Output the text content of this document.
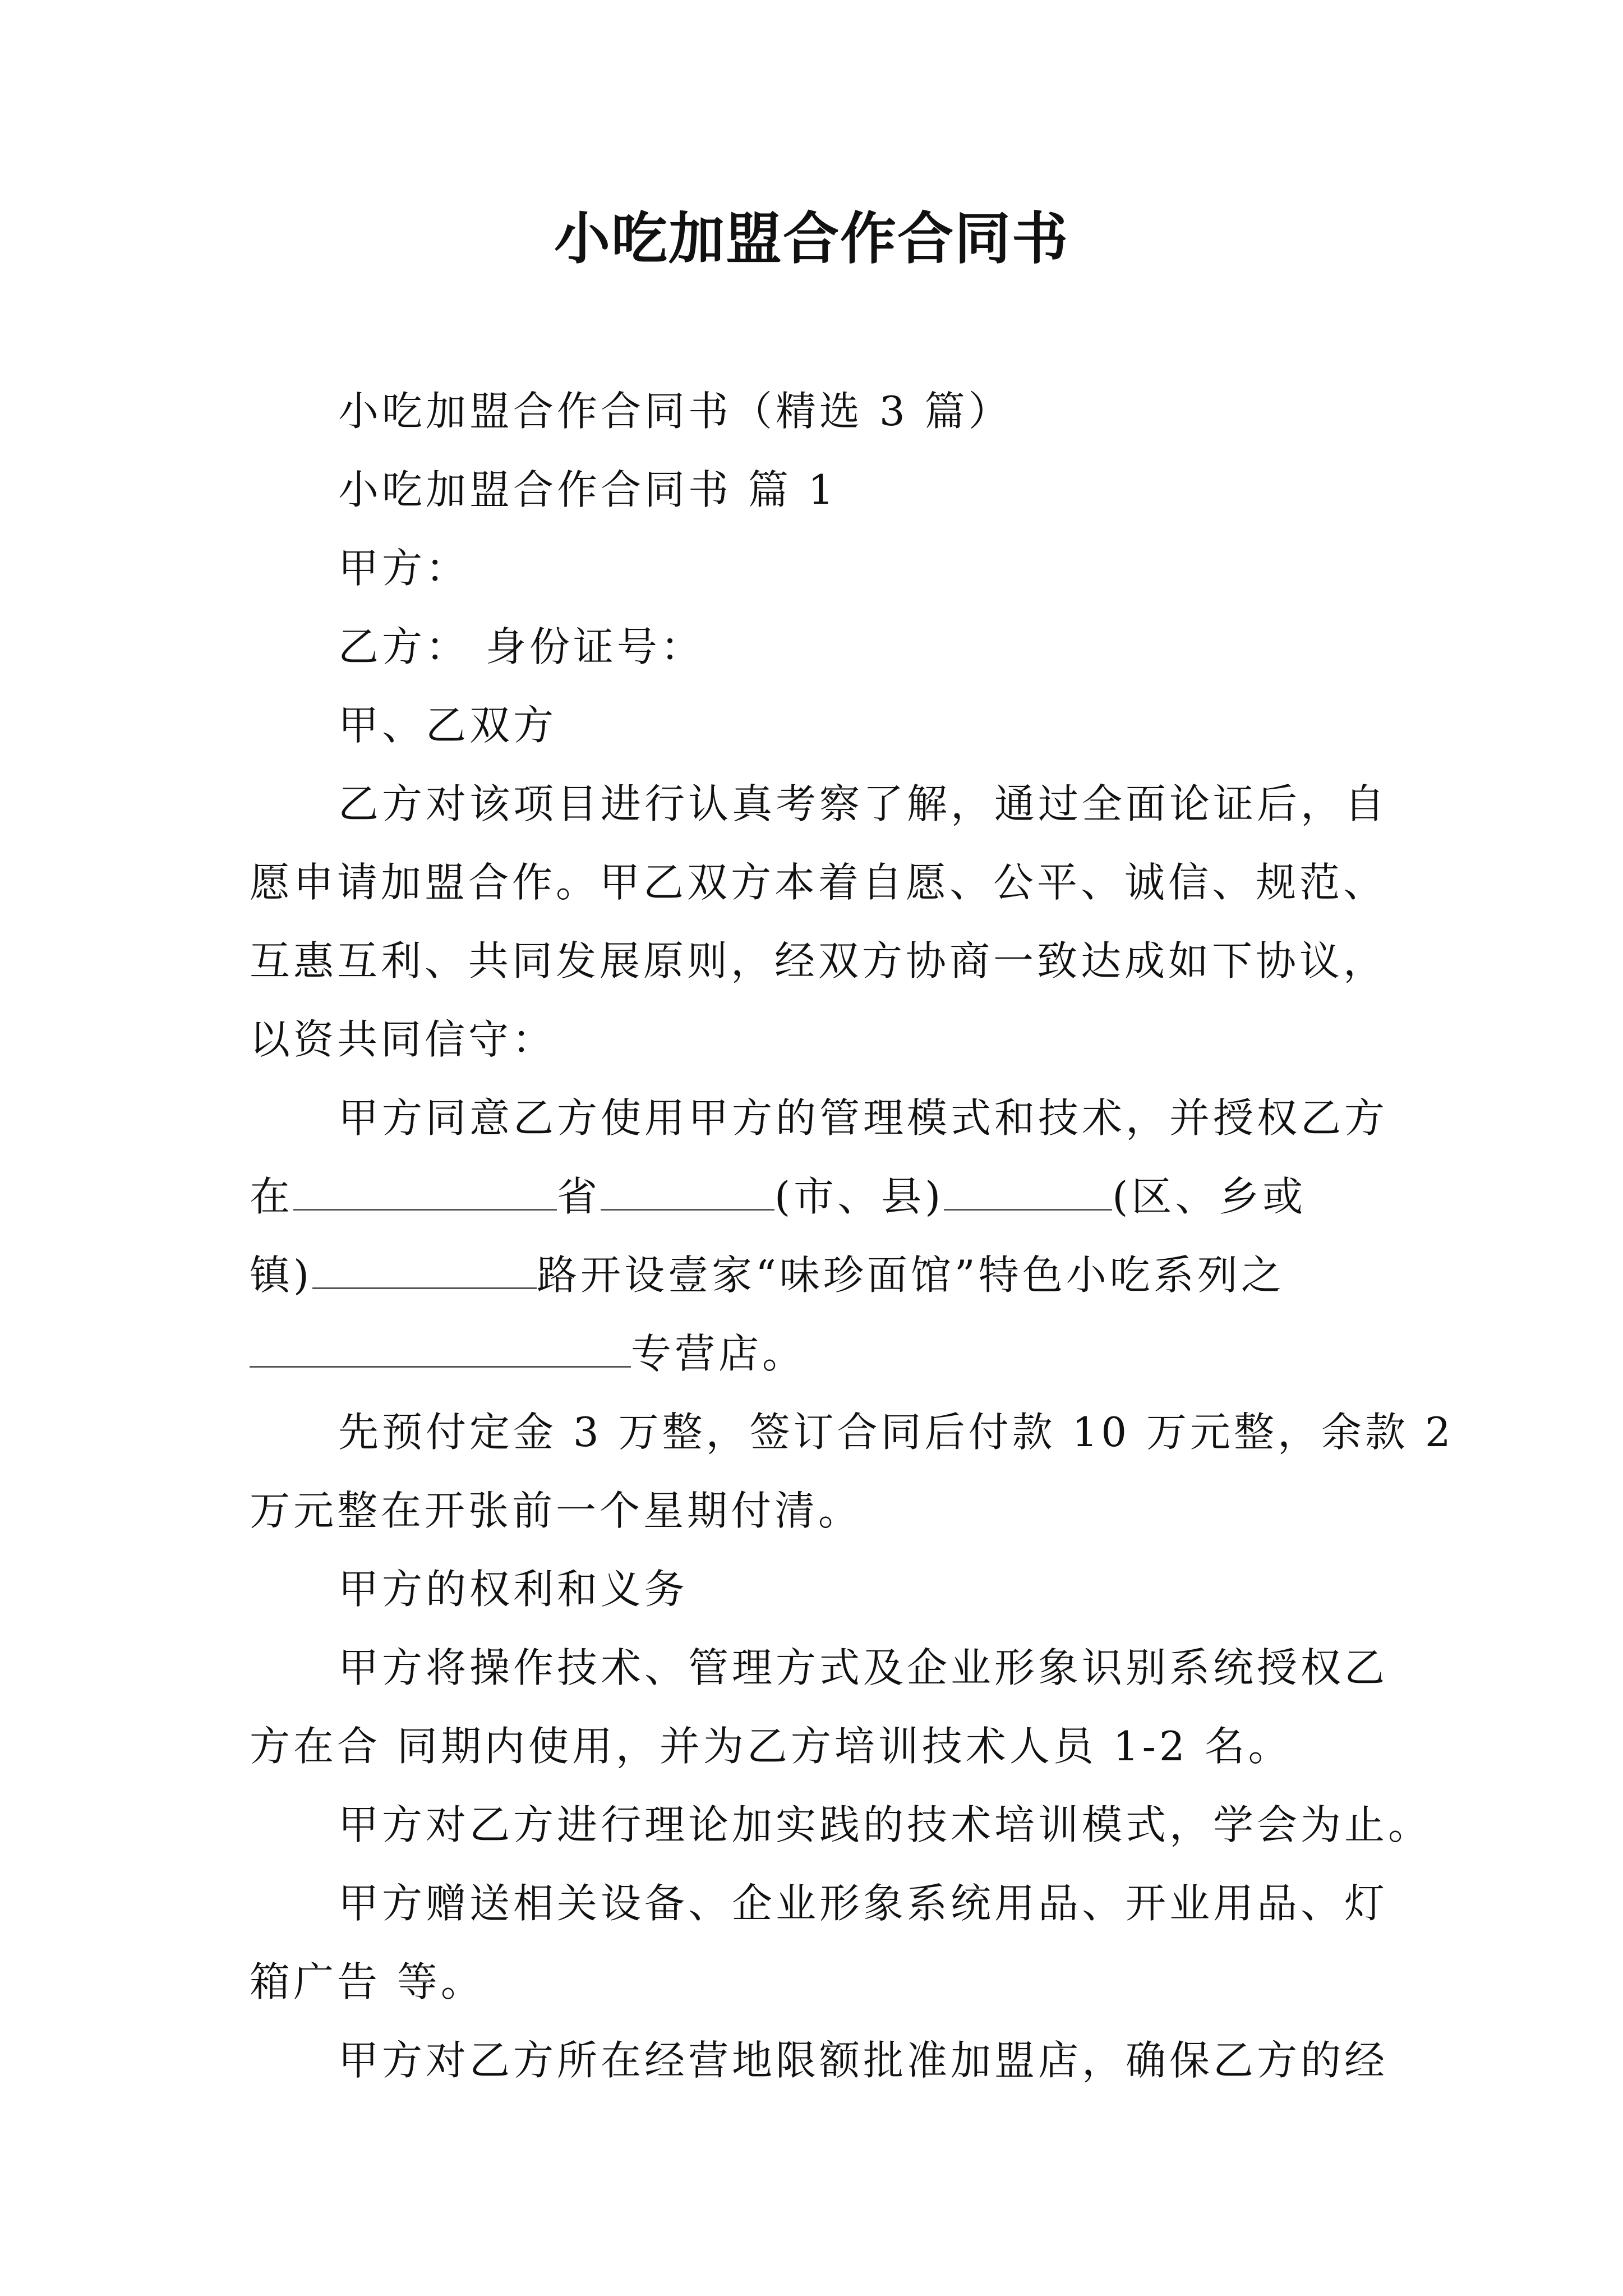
小吃加盟合作合同书
小吃加盟合作合同书（精选 3 篇）
小吃加盟合作合同书 篇 1
甲方：
乙方： 身份证号：
甲、乙双方
乙方对该项目进行认真考察了解，通过全面论证后，自
愿申请加盟合作。甲乙双方本着自愿、公平、诚信、规范、
互惠互利、共同发展原则，经双方协商一致达成如下协议，
以资共同信守：
甲方同意乙方使用甲方的管理模式和技术，并授权乙方
在	省	(市、县)	(区、乡或
镇)	路开设壹家“味珍面馆”特色小吃系列之
专营店。
先预付定金 3 万整，签订合同后付款 10 万元整，余款 2
万元整在开张前一个星期付清。
甲方的权利和义务
甲方将操作技术、管理方式及企业形象识别系统授权乙
方在合 同期内使用，并为乙方培训技术人员 1-2 名。
甲方对乙方进行理论加实践的技术培训模式，学会为止。
甲方赠送相关设备、企业形象系统用品、开业用品、灯
箱广告 等。
甲方对乙方所在经营地限额批准加盟店，确保乙方的经
